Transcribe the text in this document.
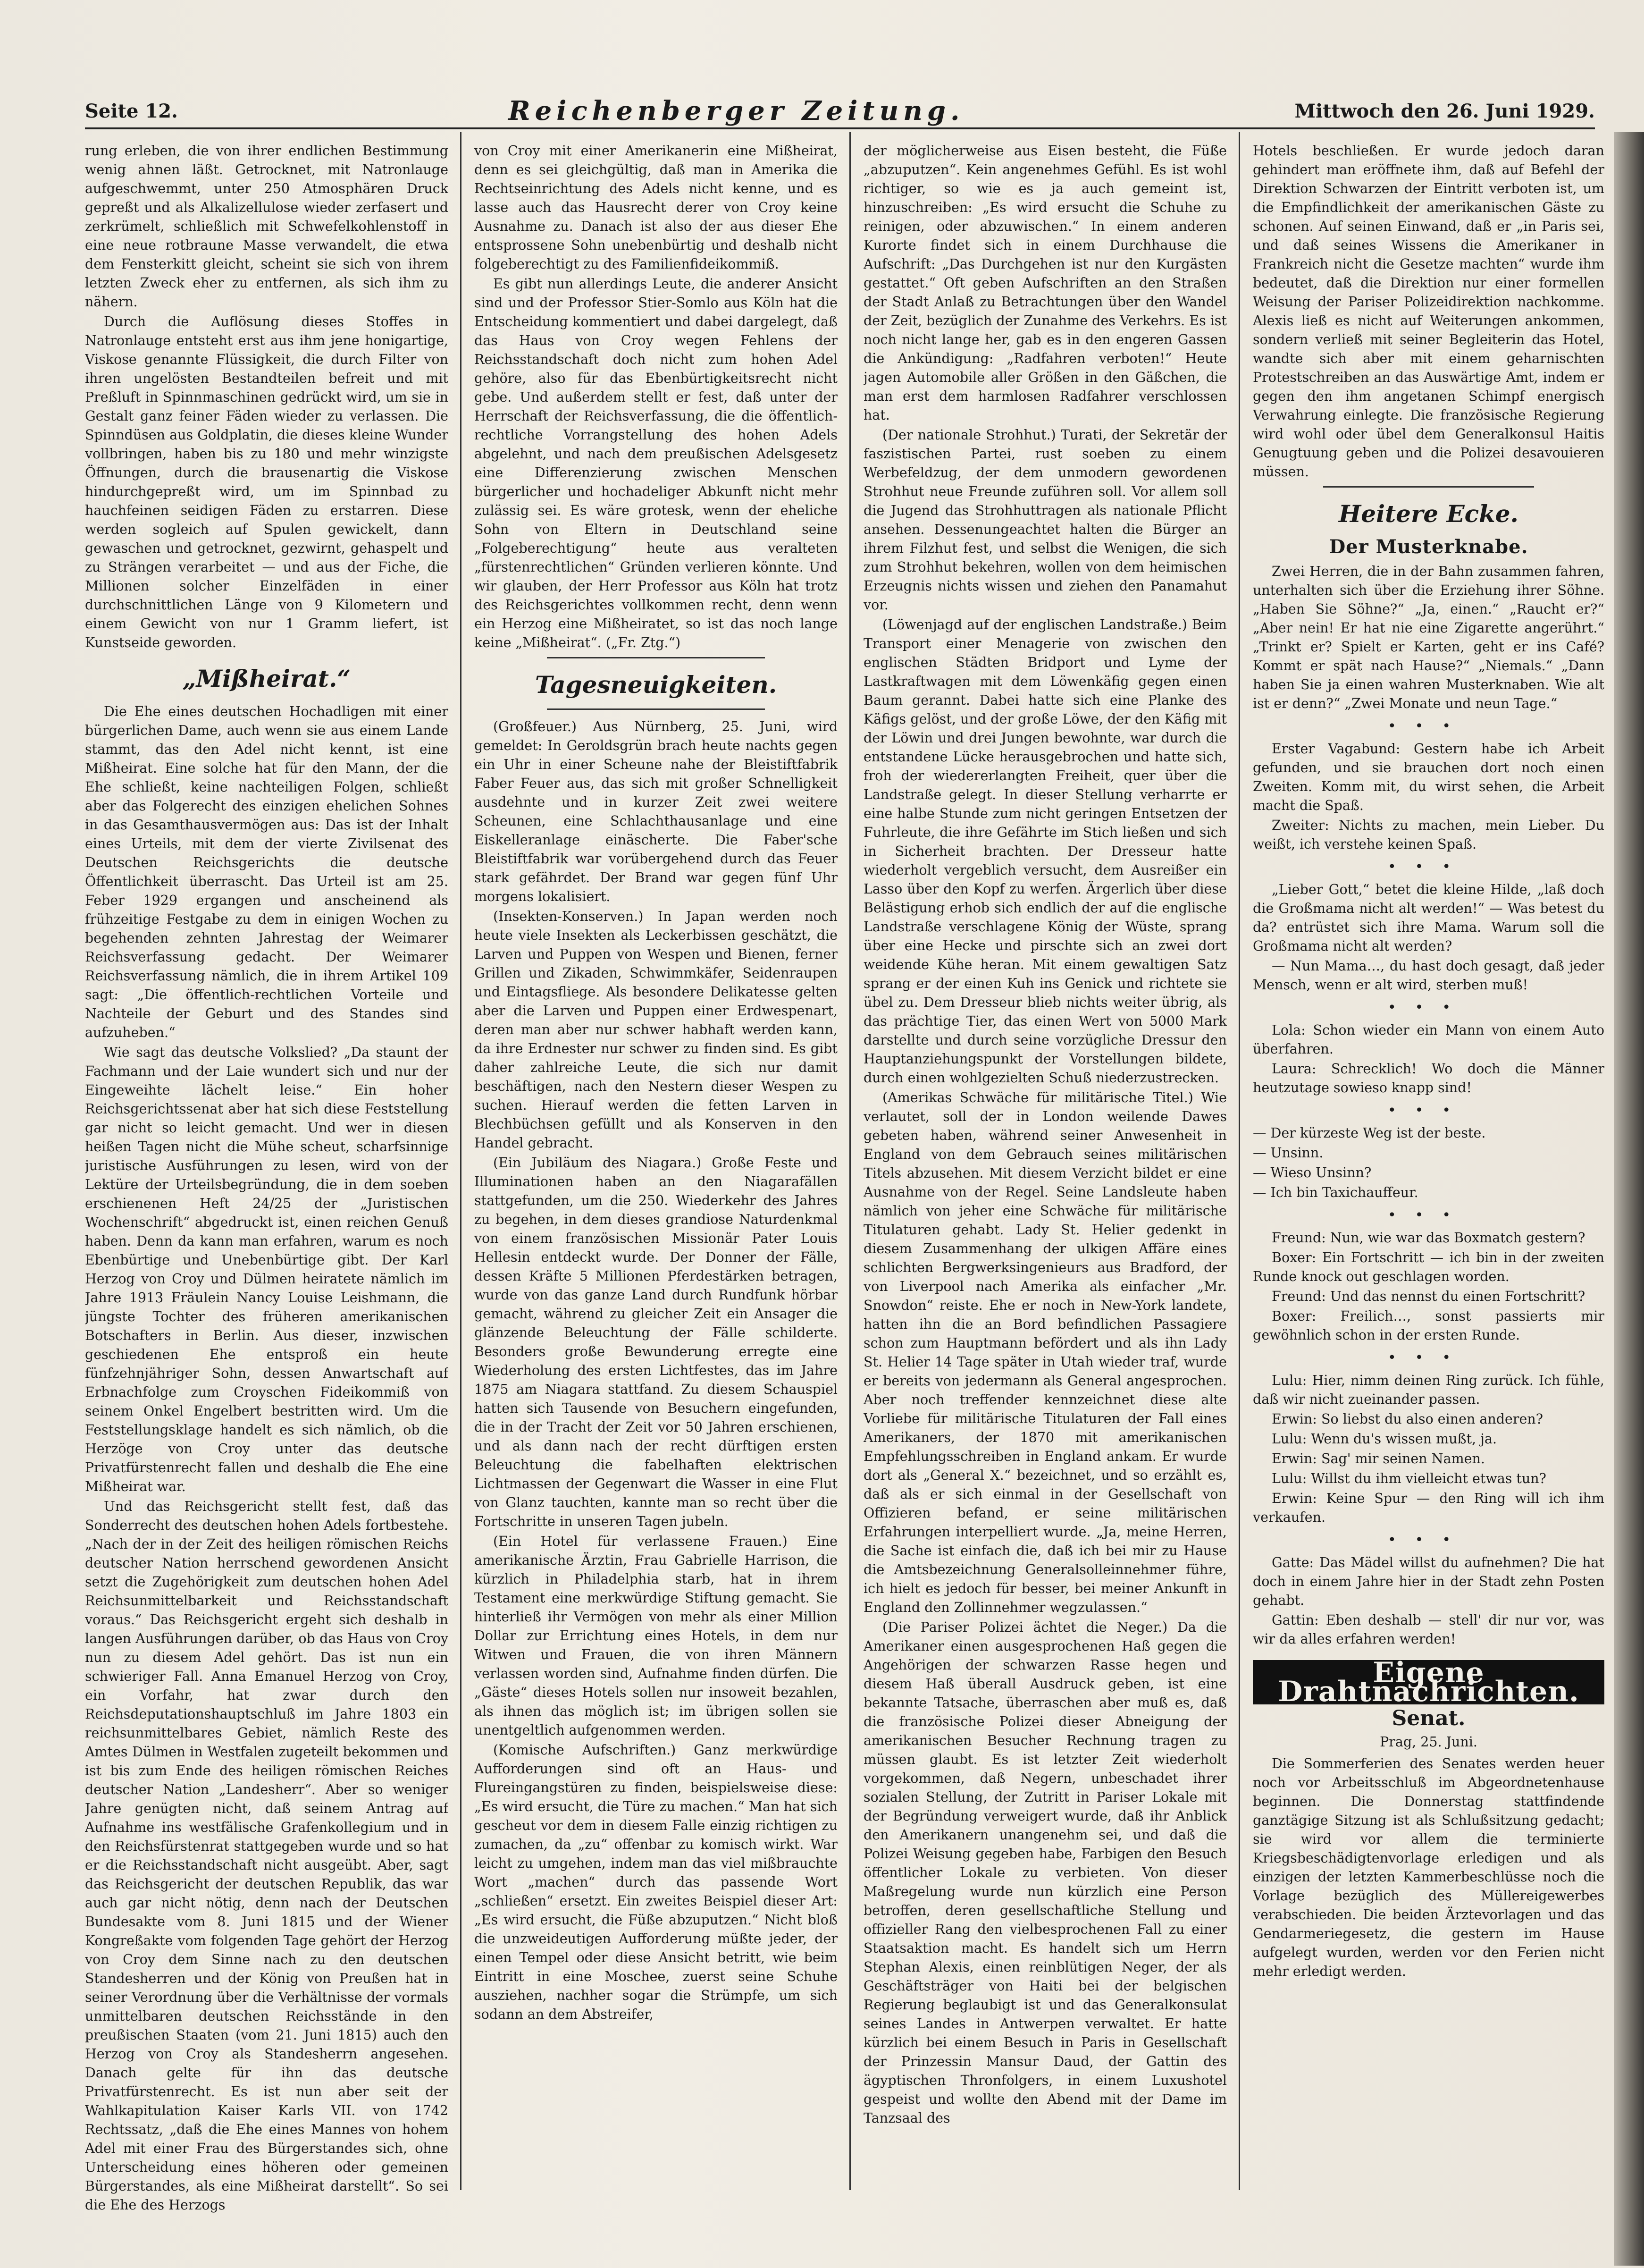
Seite 12.	Reichenberger Zeitung.	Mittwoch den 26. Juni 1929.

rung erleben, die von ihrer endlichen Bestimmung wenig ahnen läßt. Getrocknet, mit Natronlauge aufgeschwemmt, unter 250 Atmosphären Druck gepreßt und als Alkalizellulose wieder zerfasert und zerkrümelt, schließlich mit Schwefelkohlenstoff in eine neue rotbraune Masse verwandelt, die etwa dem Fensterkitt gleicht, scheint sie sich von ihrem letzten Zweck eher zu entfernen, als sich ihm zu nähern.

Durch die Auflösung dieses Stoffes in Natronlauge entsteht erst aus ihm jene honigartige, Viskose genannte Flüssigkeit, die durch Filter von ihren ungelösten Bestandteilen befreit und mit Preßluft in Spinnmaschinen gedrückt wird, um sie in Gestalt ganz feiner Fäden wieder zu verlassen. Die Spinndüsen aus Goldplatin, die dieses kleine Wunder vollbringen, haben bis zu 180 und mehr winzigste Öffnungen, durch die brausenartig die Viskose hindurchgepreßt wird, um im Spinnbad zu hauchfeinen seidigen Fäden zu erstarren. Diese werden sogleich auf Spulen gewickelt, dann gewaschen und getrocknet, gezwirnt, gehaspelt und zu Strängen verarbeitet — und aus der Fiche, die Millionen solcher Einzelfäden in einer durchschnittlichen Länge von 9 Kilometern und einem Gewicht von nur 1 Gramm liefert, ist Kunstseide geworden.

„Mißheirat.“

Die Ehe eines deutschen Hochadligen mit einer bürgerlichen Dame, auch wenn sie aus einem Lande stammt, das den Adel nicht kennt, ist eine Mißheirat. Eine solche hat für den Mann, der die Ehe schließt, keine nachteiligen Folgen, schließt aber das Folgerecht des einzigen ehelichen Sohnes in das Gesamthausvermögen aus: Das ist der Inhalt eines Urteils, mit dem der vierte Zivilsenat des Deutschen Reichsgerichts die deutsche Öffentlichkeit überrascht. Das Urteil ist am 25. Feber 1929 ergangen und anscheinend als frühzeitige Festgabe zu dem in einigen Wochen zu begehenden zehnten Jahrestag der Weimarer Reichsverfassung gedacht. Der Weimarer Reichsverfassung nämlich, die in ihrem Artikel 109 sagt: „Die öffentlich-rechtlichen Vorteile und Nachteile der Geburt und des Standes sind aufzuheben.“

Wie sagt das deutsche Volkslied? „Da staunt der Fachmann und der Laie wundert sich und nur der Eingeweihte lächelt leise.“ Ein hoher Reichsgerichtssenat aber hat sich diese Feststellung gar nicht so leicht gemacht. Und wer in diesen heißen Tagen nicht die Mühe scheut, scharfsinnige juristische Ausführungen zu lesen, wird von der Lektüre der Urteilsbegründung, die in dem soeben erschienenen Heft 24/25 der „Juristischen Wochenschrift“ abgedruckt ist, einen reichen Genuß haben. Denn da kann man erfahren, warum es noch Ebenbürtige und Unebenbürtige gibt. Der Karl Herzog von Croy und Dülmen heiratete nämlich im Jahre 1913 Fräulein Nancy Louise Leishmann, die jüngste Tochter des früheren amerikanischen Botschafters in Berlin. Aus dieser, inzwischen geschiedenen Ehe entsproß ein heute fünfzehnjähriger Sohn, dessen Anwartschaft auf Erbnachfolge zum Croyschen Fideikommiß von seinem Onkel Engelbert bestritten wird. Um die Feststellungsklage handelt es sich nämlich, ob die Herzöge von Croy unter das deutsche Privatfürstenrecht fallen und deshalb die Ehe eine Mißheirat war.

Und das Reichsgericht stellt fest, daß das Sonderrecht des deutschen hohen Adels fortbestehe. „Nach der in der Zeit des heiligen römischen Reichs deutscher Nation herrschend gewordenen Ansicht setzt die Zugehörigkeit zum deutschen hohen Adel Reichsunmittelbarkeit und Reichsstandschaft voraus.“ Das Reichsgericht ergeht sich deshalb in langen Ausführungen darüber, ob das Haus von Croy nun zu diesem Adel gehört. Das ist nun ein schwieriger Fall. Anna Emanuel Herzog von Croy, ein Vorfahr, hat zwar durch den Reichsdeputationshauptschluß im Jahre 1803 ein reichsunmittelbares Gebiet, nämlich Reste des Amtes Dülmen in Westfalen zugeteilt bekommen und ist bis zum Ende des heiligen römischen Reiches deutscher Nation „Landesherr“. Aber so weniger Jahre genügten nicht, daß seinem Antrag auf Aufnahme ins westfälische Grafenkollegium und in den Reichsfürstenrat stattgegeben wurde und so hat er die Reichsstandschaft nicht ausgeübt. Aber, sagt das Reichsgericht der deutschen Republik, das war auch gar nicht nötig, denn nach der Deutschen Bundesakte vom 8. Juni 1815 und der Wiener Kongreßakte vom folgenden Tage gehört der Herzog von Croy dem Sinne nach zu den deutschen Standesherren und der König von Preußen hat in seiner Verordnung über die Verhältnisse der vormals unmittelbaren deutschen Reichsstände in den preußischen Staaten (vom 21. Juni 1815) auch den Herzog von Croy als Standesherrn angesehen. Danach gelte für ihn das deutsche Privatfürstenrecht. Es ist nun aber seit der Wahlkapitulation Kaiser Karls VII. von 1742 Rechtssatz, „daß die Ehe eines Mannes von hohem Adel mit einer Frau des Bürgerstandes sich, ohne Unterscheidung eines höheren oder gemeinen Bürgerstandes, als eine Mißheirat darstellt“. So sei die Ehe des Herzogs

von Croy mit einer Amerikanerin eine Mißheirat, denn es sei gleichgültig, daß man in Amerika die Rechtseinrichtung des Adels nicht kenne, und es lasse auch das Hausrecht derer von Croy keine Ausnahme zu. Danach ist also der aus dieser Ehe entsprossene Sohn unebenbürtig und deshalb nicht folgeberechtigt zu des Familienfideikommiß.

Es gibt nun allerdings Leute, die anderer Ansicht sind und der Professor Stier-Somlo aus Köln hat die Entscheidung kommentiert und dabei dargelegt, daß das Haus von Croy wegen Fehlens der Reichsstandschaft doch nicht zum hohen Adel gehöre, also für das Ebenbürtigkeitsrecht nicht gebe. Und außerdem stellt er fest, daß unter der Herrschaft der Reichsverfassung, die die öffentlich-rechtliche Vorrangstellung des hohen Adels abgelehnt, und nach dem preußischen Adelsgesetz eine Differenzierung zwischen Menschen bürgerlicher und hochadeliger Abkunft nicht mehr zulässig sei. Es wäre grotesk, wenn der eheliche Sohn von Eltern in Deutschland seine „Folgeberechtigung“ heute aus veralteten „fürstenrechtlichen“ Gründen verlieren könnte. Und wir glauben, der Herr Professor aus Köln hat trotz des Reichsgerichtes vollkommen recht, denn wenn ein Herzog eine Mißheiratet, so ist das noch lange keine „Mißheirat“. („Fr. Ztg.“)

Tagesneuigkeiten.

(Großfeuer.) Aus Nürnberg, 25. Juni, wird gemeldet: In Geroldsgrün brach heute nachts gegen ein Uhr in einer Scheune nahe der Bleistiftfabrik Faber Feuer aus, das sich mit großer Schnelligkeit ausdehnte und in kurzer Zeit zwei weitere Scheunen, eine Schlachthausanlage und eine Eiskelleranlage einäscherte. Die Faber'sche Bleistiftfabrik war vorübergehend durch das Feuer stark gefährdet. Der Brand war gegen fünf Uhr morgens lokalisiert.

(Insekten-Konserven.) In Japan werden noch heute viele Insekten als Leckerbissen geschätzt, die Larven und Puppen von Wespen und Bienen, ferner Grillen und Zikaden, Schwimmkäfer, Seidenraupen und Eintagsfliege. Als besondere Delikatesse gelten aber die Larven und Puppen einer Erdwespenart, deren man aber nur schwer habhaft werden kann, da ihre Erdnester nur schwer zu finden sind. Es gibt daher zahlreiche Leute, die sich nur damit beschäftigen, nach den Nestern dieser Wespen zu suchen. Hierauf werden die fetten Larven in Blechbüchsen gefüllt und als Konserven in den Handel gebracht.

(Ein Jubiläum des Niagara.) Große Feste und Illuminationen haben an den Niagarafällen stattgefunden, um die 250. Wiederkehr des Jahres zu begehen, in dem dieses grandiose Naturdenkmal von einem französischen Missionär Pater Louis Hellesin entdeckt wurde. Der Donner der Fälle, dessen Kräfte 5 Millionen Pferdestärken betragen, wurde von das ganze Land durch Rundfunk hörbar gemacht, während zu gleicher Zeit ein Ansager die glänzende Beleuchtung der Fälle schilderte. Besonders große Bewunderung erregte eine Wiederholung des ersten Lichtfestes, das im Jahre 1875 am Niagara stattfand. Zu diesem Schauspiel hatten sich Tausende von Besuchern eingefunden, die in der Tracht der Zeit vor 50 Jahren erschienen, und als dann nach der recht dürftigen ersten Beleuchtung die fabelhaften elektrischen Lichtmassen der Gegenwart die Wasser in eine Flut von Glanz tauchten, kannte man so recht über die Fortschritte in unseren Tagen jubeln.

(Ein Hotel für verlassene Frauen.) Eine amerikanische Ärztin, Frau Gabrielle Harrison, die kürzlich in Philadelphia starb, hat in ihrem Testament eine merkwürdige Stiftung gemacht. Sie hinterließ ihr Vermögen von mehr als einer Million Dollar zur Errichtung eines Hotels, in dem nur Witwen und Frauen, die von ihren Männern verlassen worden sind, Aufnahme finden dürfen. Die „Gäste“ dieses Hotels sollen nur insoweit bezahlen, als ihnen das möglich ist; im übrigen sollen sie unentgeltlich aufgenommen werden.

(Komische Aufschriften.) Ganz merkwürdige Aufforderungen sind oft an Haus- und Flureingangstüren zu finden, beispielsweise diese: „Es wird ersucht, die Türe zu machen.“ Man hat sich gescheut vor dem in diesem Falle einzig richtigen zu zumachen, da „zu“ offenbar zu komisch wirkt. War leicht zu umgehen, indem man das viel mißbrauchte Wort „machen“ durch das passende Wort „schließen“ ersetzt. Ein zweites Beispiel dieser Art: „Es wird ersucht, die Füße abzuputzen.“ Nicht bloß die unzweideutigen Aufforderung müßte jeder, der einen Tempel oder diese Ansicht betritt, wie beim Eintritt in eine Moschee, zuerst seine Schuhe ausziehen, nachher sogar die Strümpfe, um sich sodann an dem Abstreifer,

der möglicherweise aus Eisen besteht, die Füße „abzuputzen“. Kein angenehmes Gefühl. Es ist wohl richtiger, so wie es ja auch gemeint ist, hinzuschreiben: „Es wird ersucht die Schuhe zu reinigen, oder abzuwischen.“ In einem anderen Kurorte findet sich in einem Durchhause die Aufschrift: „Das Durchgehen ist nur den Kurgästen gestattet.“ Oft geben Aufschriften an den Straßen der Stadt Anlaß zu Betrachtungen über den Wandel der Zeit, bezüglich der Zunahme des Verkehrs. Es ist noch nicht lange her, gab es in den engeren Gassen die Ankündigung: „Radfahren verboten!“ Heute jagen Automobile aller Größen in den Gäßchen, die man erst dem harmlosen Radfahrer verschlossen hat.

(Der nationale Strohhut.) Turati, der Sekretär der faszistischen Partei, rust soeben zu einem Werbefeldzug, der dem unmodern gewordenen Strohhut neue Freunde zuführen soll. Vor allem soll die Jugend das Strohhuttragen als nationale Pflicht ansehen. Dessenungeachtet halten die Bürger an ihrem Filzhut fest, und selbst die Wenigen, die sich zum Strohhut bekehren, wollen von dem heimischen Erzeugnis nichts wissen und ziehen den Panamahut vor.

(Löwenjagd auf der englischen Landstraße.) Beim Transport einer Menagerie von zwischen den englischen Städten Bridport und Lyme der Lastkraftwagen mit dem Löwenkäfig gegen einen Baum gerannt. Dabei hatte sich eine Planke des Käfigs gelöst, und der große Löwe, der den Käfig mit der Löwin und drei Jungen bewohnte, war durch die entstandene Lücke herausgebrochen und hatte sich, froh der wiedererlangten Freiheit, quer über die Landstraße gelegt. In dieser Stellung verharrte er eine halbe Stunde zum nicht geringen Entsetzen der Fuhrleute, die ihre Gefährte im Stich ließen und sich in Sicherheit brachten. Der Dresseur hatte wiederholt vergeblich versucht, dem Ausreißer ein Lasso über den Kopf zu werfen. Ärgerlich über diese Belästigung erhob sich endlich der auf die englische Landstraße verschlagene König der Wüste, sprang über eine Hecke und pirschte sich an zwei dort weidende Kühe heran. Mit einem gewaltigen Satz sprang er der einen Kuh ins Genick und richtete sie übel zu. Dem Dresseur blieb nichts weiter übrig, als das prächtige Tier, das einen Wert von 5000 Mark darstellte und durch seine vorzügliche Dressur den Hauptanziehungspunkt der Vorstellungen bildete, durch einen wohlgezielten Schuß niederzustrecken.

(Amerikas Schwäche für militärische Titel.) Wie verlautet, soll der in London weilende Dawes gebeten haben, während seiner Anwesenheit in England von dem Gebrauch seines militärischen Titels abzusehen. Mit diesem Verzicht bildet er eine Ausnahme von der Regel. Seine Landsleute haben nämlich von jeher eine Schwäche für militärische Titulaturen gehabt. Lady St. Helier gedenkt in diesem Zusammenhang der ulkigen Affäre eines schlichten Bergwerksingenieurs aus Bradford, der von Liverpool nach Amerika als einfacher „Mr. Snowdon“ reiste. Ehe er noch in New-York landete, hatten ihn die an Bord befindlichen Passagiere schon zum Hauptmann befördert und als ihn Lady St. Helier 14 Tage später in Utah wieder traf, wurde er bereits von jedermann als General angesprochen. Aber noch treffender kennzeichnet diese alte Vorliebe für militärische Titulaturen der Fall eines Amerikaners, der 1870 mit amerikanischen Empfehlungsschreiben in England ankam. Er wurde dort als „General X.“ bezeichnet, und so erzählt es, daß als er sich einmal in der Gesellschaft von Offizieren befand, er seine militärischen Erfahrungen interpelliert wurde. „Ja, meine Herren, die Sache ist einfach die, daß ich bei mir zu Hause die Amtsbezeichnung Generalsolleinnehmer führe, ich hielt es jedoch für besser, bei meiner Ankunft in England den Zollinnehmer wegzulassen.“

(Die Pariser Polizei ächtet die Neger.) Da die Amerikaner einen ausgesprochenen Haß gegen die Angehörigen der schwarzen Rasse hegen und diesem Haß überall Ausdruck geben, ist eine bekannte Tatsache, überraschen aber muß es, daß die französische Polizei dieser Abneigung der amerikanischen Besucher Rechnung tragen zu müssen glaubt. Es ist letzter Zeit wiederholt vorgekommen, daß Negern, unbeschadet ihrer sozialen Stellung, der Zutritt in Pariser Lokale mit der Begründung verweigert wurde, daß ihr Anblick den Amerikanern unangenehm sei, und daß die Polizei Weisung gegeben habe, Farbigen den Besuch öffentlicher Lokale zu verbieten. Von dieser Maßregelung wurde nun kürzlich eine Person betroffen, deren gesellschaftliche Stellung und offizieller Rang den vielbesprochenen Fall zu einer Staatsaktion macht. Es handelt sich um Herrn Stephan Alexis, einen reinblütigen Neger, der als Geschäftsträger von Haiti bei der belgischen Regierung beglaubigt ist und das Generalkonsulat seines Landes in Antwerpen verwaltet. Er hatte kürzlich bei einem Besuch in Paris in Gesellschaft der Prinzessin Mansur Daud, der Gattin des ägyptischen Thronfolgers, in einem Luxushotel gespeist und wollte den Abend mit der Dame im Tanzsaal des

Hotels beschließen. Er wurde jedoch daran gehindert man eröffnete ihm, daß auf Befehl der Direktion Schwarzen der Eintritt verboten ist, um die Empfindlichkeit der amerikanischen Gäste zu schonen. Auf seinen Einwand, daß er „in Paris sei, und daß seines Wissens die Amerikaner in Frankreich nicht die Gesetze machten“ wurde ihm bedeutet, daß die Direktion nur einer formellen Weisung der Pariser Polizeidirektion nachkomme. Alexis ließ es nicht auf Weiterungen ankommen, sondern verließ mit seiner Begleiterin das Hotel, wandte sich aber mit einem geharnischten Protestschreiben an das Auswärtige Amt, indem er gegen den ihm angetanen Schimpf energisch Verwahrung einlegte. Die französische Regierung wird wohl oder übel dem Generalkonsul Haitis Genugtuung geben und die Polizei desavouieren müssen.

Heitere Ecke.
Der Musterknabe.

Zwei Herren, die in der Bahn zusammen fahren, unterhalten sich über die Erziehung ihrer Söhne. „Haben Sie Söhne?“ „Ja, einen.“ „Raucht er?“ „Aber nein! Er hat nie eine Zigarette angerührt.“ „Trinkt er? Spielt er Karten, geht er ins Café? Kommt er spät nach Hause?“ „Niemals.“ „Dann haben Sie ja einen wahren Musterknaben. Wie alt ist er denn?“ „Zwei Monate und neun Tage.“

•••

Erster Vagabund: Gestern habe ich Arbeit gefunden, und sie brauchen dort noch einen Zweiten. Komm mit, du wirst sehen, die Arbeit macht die Spaß.

Zweiter: Nichts zu machen, mein Lieber. Du weißt, ich verstehe keinen Spaß.

•••

„Lieber Gott,“ betet die kleine Hilde, „laß doch die Großmama nicht alt werden!“ — Was betest du da? entrüstet sich ihre Mama. Warum soll die Großmama nicht alt werden?

— Nun Mama…, du hast doch gesagt, daß jeder Mensch, wenn er alt wird, sterben muß!

•••

Lola: Schon wieder ein Mann von einem Auto überfahren.

Laura: Schrecklich! Wo doch die Männer heutzutage sowieso knapp sind!

•••

— Der kürzeste Weg ist der beste.

— Unsinn.

— Wieso Unsinn?

— Ich bin Taxichauffeur.

•••

Freund: Nun, wie war das Boxmatch gestern?

Boxer: Ein Fortschritt — ich bin in der zweiten Runde knock out geschlagen worden.

Freund: Und das nennst du einen Fortschritt?

Boxer: Freilich…, sonst passierts mir gewöhnlich schon in der ersten Runde.

•••

Lulu: Hier, nimm deinen Ring zurück. Ich fühle, daß wir nicht zueinander passen.

Erwin: So liebst du also einen anderen?

Lulu: Wenn du's wissen mußt, ja.

Erwin: Sag' mir seinen Namen.

Lulu: Willst du ihm vielleicht etwas tun?

Erwin: Keine Spur — den Ring will ich ihm verkaufen.

•••

Gatte: Das Mädel willst du aufnehmen? Die hat doch in einem Jahre hier in der Stadt zehn Posten gehabt.

Gattin: Eben deshalb — stell' dir nur vor, was wir da alles erfahren werden!

Eigene Drahtnachrichten.
Senat.
Prag, 25. Juni.

Die Sommerferien des Senates werden heuer noch vor Arbeitsschluß im Abgeordnetenhause beginnen. Die Donnerstag stattfindende ganztägige Sitzung ist als Schlußsitzung gedacht; sie wird vor allem die terminierte Kriegsbeschädigtenvorlage erledigen und als einzigen der letzten Kammerbeschlüsse noch die Vorlage bezüglich des Müllereigewerbes verabschieden. Die beiden Ärztevorlagen und das Gendarmeriegesetz, die gestern im Hause aufgelegt wurden, werden vor den Ferien nicht mehr erledigt werden.
